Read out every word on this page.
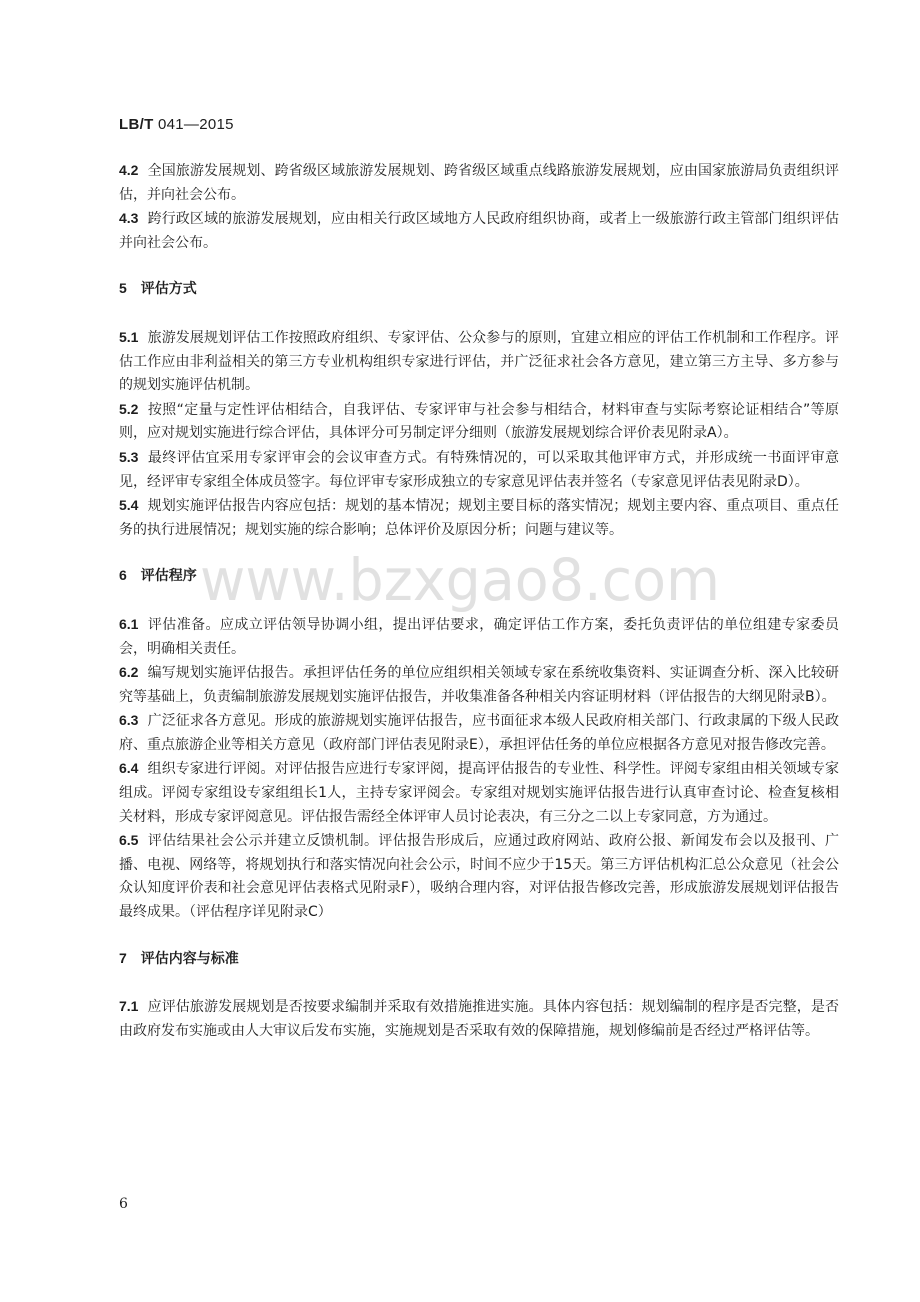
LB/T 041—2015

4.2 全国旅游发展规划、跨省级区域旅游发展规划、跨省级区域重点线路旅游发展规划，应由国家旅游局负责组织评估，并向社会公布。

4.3 跨行政区域的旅游发展规划，应由相关行政区域地方人民政府组织协商，或者上一级旅游行政主管部门组织评估并向社会公布。

5 评估方式

5.1 旅游发展规划评估工作按照政府组织、专家评估、公众参与的原则，宜建立相应的评估工作机制和工作程序。评估工作应由非利益相关的第三方专业机构组织专家进行评估，并广泛征求社会各方意见，建立第三方主导、多方参与的规划实施评估机制。

5.2 按照“定量与定性评估相结合，自我评估、专家评审与社会参与相结合，材料审查与实际考察论证相结合”等原则，应对规划实施进行综合评估，具体评分可另制定评分细则（旅游发展规划综合评价表见附录A）。

5.3 最终评估宜采用专家评审会的会议审查方式。有特殊情况的，可以采取其他评审方式，并形成统一书面评审意见，经评审专家组全体成员签字。每位评审专家形成独立的专家意见评估表并签名（专家意见评估表见附录D）。

5.4 规划实施评估报告内容应包括：规划的基本情况；规划主要目标的落实情况；规划主要内容、重点项目、重点任务的执行进展情况；规划实施的综合影响；总体评价及原因分析；问题与建议等。

6 评估程序

6.1 评估准备。应成立评估领导协调小组，提出评估要求，确定评估工作方案，委托负责评估的单位组建专家委员会，明确相关责任。

6.2 编写规划实施评估报告。承担评估任务的单位应组织相关领域专家在系统收集资料、实证调查分析、深入比较研究等基础上，负责编制旅游发展规划实施评估报告，并收集准备各种相关内容证明材料（评估报告的大纲见附录B）。

6.3 广泛征求各方意见。形成的旅游规划实施评估报告，应书面征求本级人民政府相关部门、行政隶属的下级人民政府、重点旅游企业等相关方意见（政府部门评估表见附录E），承担评估任务的单位应根据各方意见对报告修改完善。

6.4 组织专家进行评阅。对评估报告应进行专家评阅，提高评估报告的专业性、科学性。评阅专家组由相关领域专家组成。评阅专家组设专家组组长1人，主持专家评阅会。专家组对规划实施评估报告进行认真审查讨论、检查复核相关材料，形成专家评阅意见。评估报告需经全体评审人员讨论表决，有三分之二以上专家同意，方为通过。

6.5 评估结果社会公示并建立反馈机制。评估报告形成后，应通过政府网站、政府公报、新闻发布会以及报刊、广播、电视、网络等，将规划执行和落实情况向社会公示，时间不应少于15天。第三方评估机构汇总公众意见（社会公众认知度评价表和社会意见评估表格式见附录F），吸纳合理内容，对评估报告修改完善，形成旅游发展规划评估报告最终成果。（评估程序详见附录C）

7 评估内容与标准

7.1 应评估旅游发展规划是否按要求编制并采取有效措施推进实施。具体内容包括：规划编制的程序是否完整，是否由政府发布实施或由人大审议后发布实施，实施规划是否采取有效的保障措施，规划修编前是否经过严格评估等。

www.bzxgao8.com
6
